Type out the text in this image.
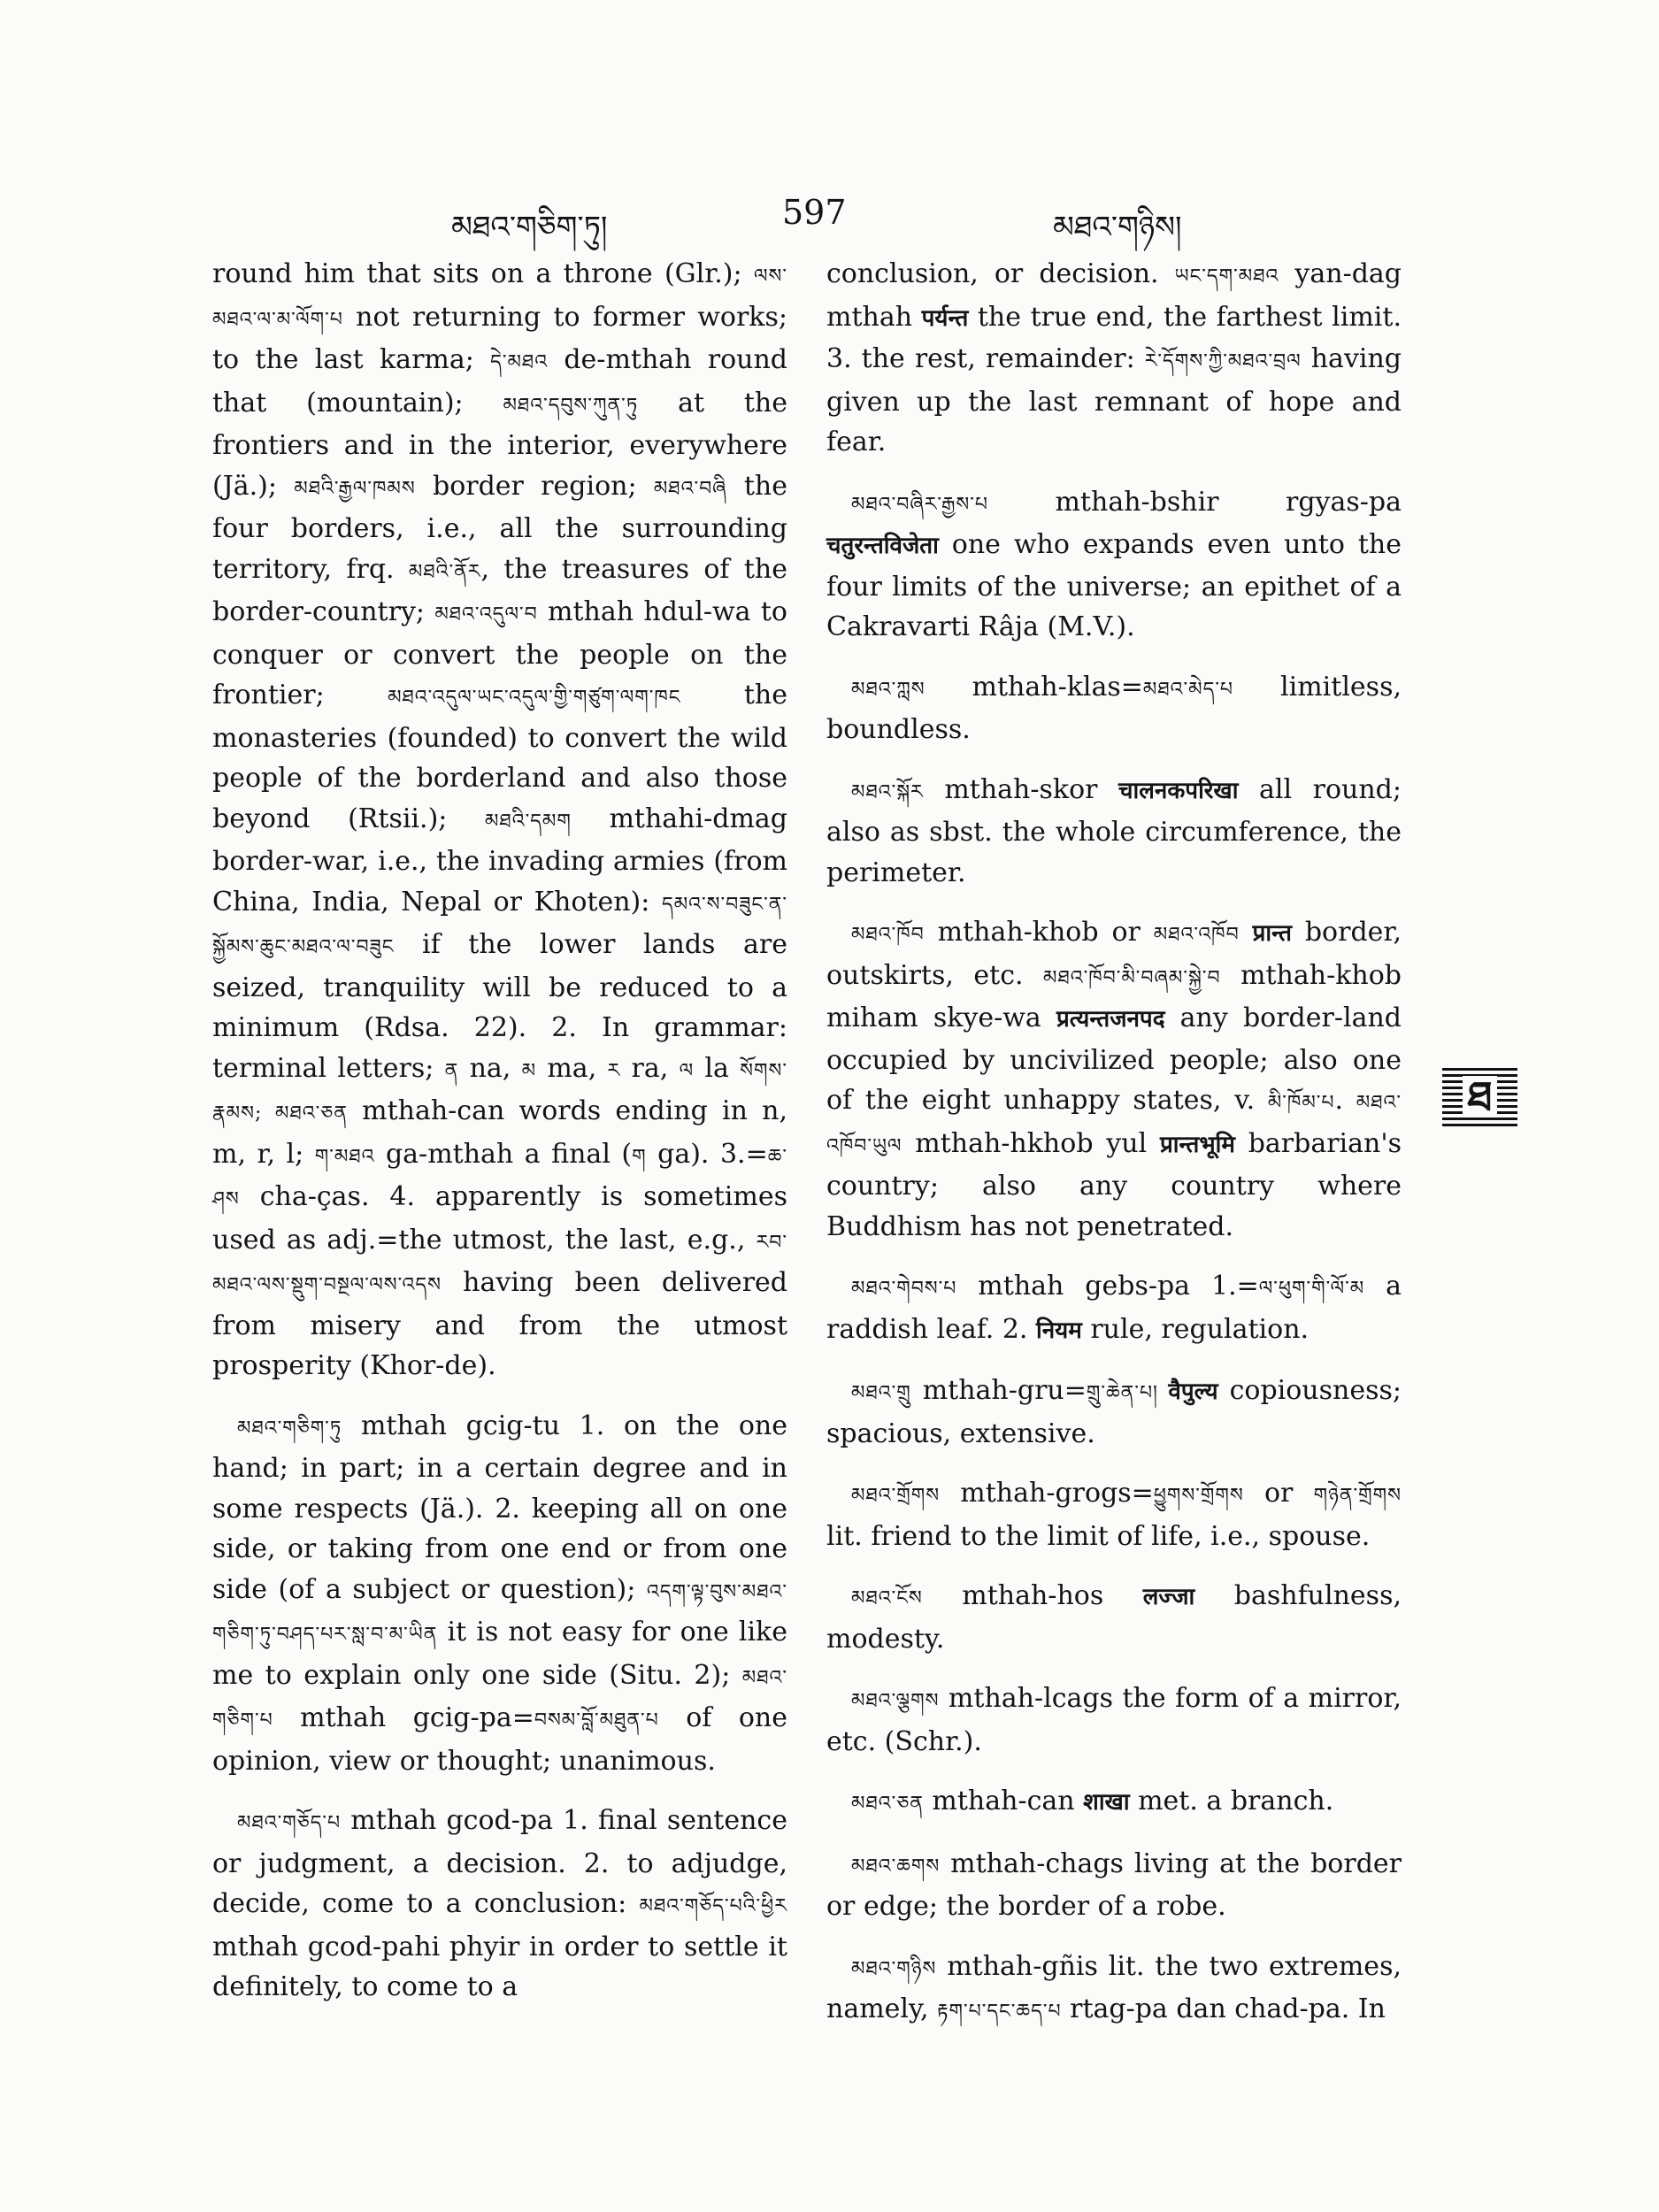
མཐའ་གཅིག་ཏུ།	597	མཐའ་གཉིས།

round him that sits on a throne (Glr.); ལས་མཐའ་ལ་མ་ལོག་པ not returning to former works; to the last karma; དེ་མཐའ de-mthah round that (mountain); མཐའ་དབུས་ཀུན་ཏུ at the frontiers and in the interior, everywhere (Jä.); མཐའི་རྒྱལ་ཁམས border region; མཐའ་བཞི the four borders, i.e., all the surrounding territory, frq. མཐའི་ནོར, the treasures of the border-country; མཐའ་འདུལ་བ mthah hdul-wa to conquer or convert the people on the frontier; མཐའ་འདུལ་ཡང་འདུལ་གྱི་གཙུག་ལག་ཁང the monasteries (founded) to convert the wild people of the borderland and also those beyond (Rtsii.); མཐའི་དམག mthahi-dmag border-war, i.e., the invading armies (from China, India, Nepal or Khoten): དམའ་ས་བཟུང་ན་སྐྱོམས་ཆུང་མཐའ་ལ་བཟུང if the lower lands are seized, tranquility will be reduced to a minimum (Rdsa. 22). 2. In grammar: terminal letters; ན na, མ ma, ར ra, ལ la སོགས་རྣམས; མཐའ་ཅན mthah-can words ending in n, m, r, l; ག་མཐའ ga-mthah a final (ག ga). 3.=ཆ་ཤས cha-ças. 4. apparently is sometimes used as adj.=the utmost, the last, e.g., རབ་མཐའ་ལས་སྡུག་བསྔལ་ལས་འདས having been delivered from misery and from the utmost prosperity (Khor-de).

མཐའ་གཅིག་ཏུ mthah gcig-tu 1. on the one hand; in part; in a certain degree and in some respects (Jä.). 2. keeping all on one side, or taking from one end or from one side (of a subject or question); འདག་ལྟ་བུས་མཐའ་གཅིག་ཏུ་བཤད་པར་སླ་བ་མ་ཡིན it is not easy for one like me to explain only one side (Situ. 2); མཐའ་གཅིག་པ mthah gcig-pa=བསམ་བློ་མཐུན་པ of one opinion, view or thought; unanimous.

མཐའ་གཅོད་པ mthah gcod-pa 1. final sentence or judgment, a decision. 2. to adjudge, decide, come to a conclusion: མཐའ་གཅོད་པའི་ཕྱིར mthah gcod-pahi phyir in order to settle it definitely, to come to a

conclusion, or decision. ཡང་དག་མཐའ yan-dag mthah पर्यन्त the true end, the farthest limit. 3. the rest, remainder: རེ་དོགས་ཀྱི་མཐའ་བྲལ having given up the last remnant of hope and fear.

མཐའ་བཞིར་རྒྱས་པ mthah-bshir rgyas-pa चतुरन्तविजेता one who expands even unto the four limits of the universe; an epithet of a Cakravarti Râja (M.V.).

མཐའ་ཀླས mthah-klas=མཐའ་མེད་པ limitless, boundless.

མཐའ་སྐོར mthah-skor चालनकपरिखा all round; also as sbst. the whole circumference, the perimeter.

མཐའ་ཁོབ mthah-khob or མཐའ་འཁོབ प्रान्त border, outskirts, etc. མཐའ་ཁོབ་མི་བཞམ་སྐྱེ་བ mthah-khob miham skye-wa प्रत्यन्तजनपद any border-land occupied by uncivilized people; also one of the eight unhappy states, v. མི་ཁོམ་པ. མཐའ་འཁོབ་ཡུལ mthah-hkhob yul प्रान्तभूमि barbarian's country; also any country where Buddhism has not penetrated.

མཐའ་གེབས་པ mthah gebs-pa 1.=ལ་ཕུག་གི་ལོ་མ a raddish leaf. 2. नियम rule, regulation.

མཐའ་གྲུ mthah-gru=གྲུ་ཆེན་པ། वैपुल्य copiousness; spacious, extensive.

མཐའ་གྲོགས mthah-grogs=ཕྱུགས་གྲོགས or གཉེན་གྲོགས lit. friend to the limit of life, i.e., spouse.

མཐའ་ངོས mthah-hos लज्जा bashfulness, modesty.

མཐའ་ལྕགས mthah-lcags the form of a mirror, etc. (Schr.).

མཐའ་ཅན mthah-can शाखा met. a branch.

མཐའ་ཆགས mthah-chags living at the border or edge; the border of a robe.

མཐའ་གཉིས mthah-gñis lit. the two extremes, namely, རྟག་པ་དང་ཆད་པ rtag-pa dan chad-pa. In

ཐ
